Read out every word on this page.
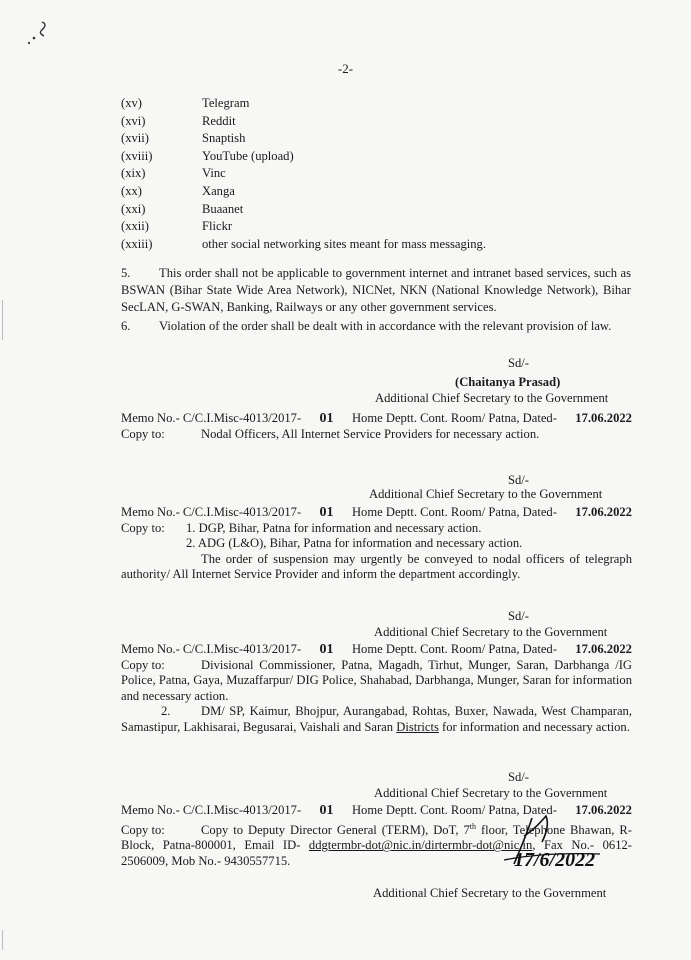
-2-
(xv)	Telegram
(xvi)	Reddit
(xvii)	Snaptish
(xviii)	YouTube (upload)
(xix)	Vinc
(xx)	Xanga
(xxi)	Buaanet
(xxii)	Flickr
(xxiii)	other social networking sites meant for mass messaging.
5. This order shall not be applicable to government internet and intranet based services, such as BSWAN (Bihar State Wide Area Network), NICNet, NKN (National Knowledge Network), Bihar SecLAN, G-SWAN, Banking, Railways or any other government services.
6. Violation of the order shall be dealt with in accordance with the relevant provision of law.
Sd/-
(Chaitanya Prasad)
Additional Chief Secretary to the Government
Memo No.- C/C.I.Misc-4013/2017- 01 Home Deptt. Cont. Room/ Patna, Dated- 17.06.2022
Copy to:	Nodal Officers, All Internet Service Providers for necessary action.
Sd/-
Additional Chief Secretary to the Government
Memo No.- C/C.I.Misc-4013/2017- 01 Home Deptt. Cont. Room/ Patna, Dated- 17.06.2022
Copy to:	1. DGP, Bihar, Patna for information and necessary action.
2. ADG (L&O), Bihar, Patna for information and necessary action.
The order of suspension may urgently be conveyed to nodal officers of telegraph authority/ All Internet Service Provider and inform the department accordingly.
Sd/-
Additional Chief Secretary to the Government
Memo No.- C/C.I.Misc-4013/2017- 01 Home Deptt. Cont. Room/ Patna, Dated- 17.06.2022
Copy to:	Divisional Commissioner, Patna, Magadh, Tirhut, Munger, Saran, Darbhanga /IG Police, Patna, Gaya, Muzaffarpur/ DIG Police, Shahabad, Darbhanga, Munger, Saran for information and necessary action.
2. DM/ SP, Kaimur, Bhojpur, Aurangabad, Rohtas, Buxer, Nawada, West Champaran, Samastipur, Lakhisarai, Begusarai, Vaishali and Saran Districts for information and necessary action.
Sd/-
Additional Chief Secretary to the Government
Memo No.- C/C.I.Misc-4013/2017- 01 Home Deptt. Cont. Room/ Patna, Dated- 17.06.2022
Copy to:	Copy to Deputy Director General (TERM), DoT, 7th floor, Telephone Bhawan, R-Block, Patna-800001, Email ID- ddgtermbr-dot@nic.in/dirtermbr-dot@nic.in, Fax No.- 0612-2506009, Mob No.- 9430557715.	17/6/2022
Additional Chief Secretary to the Government
